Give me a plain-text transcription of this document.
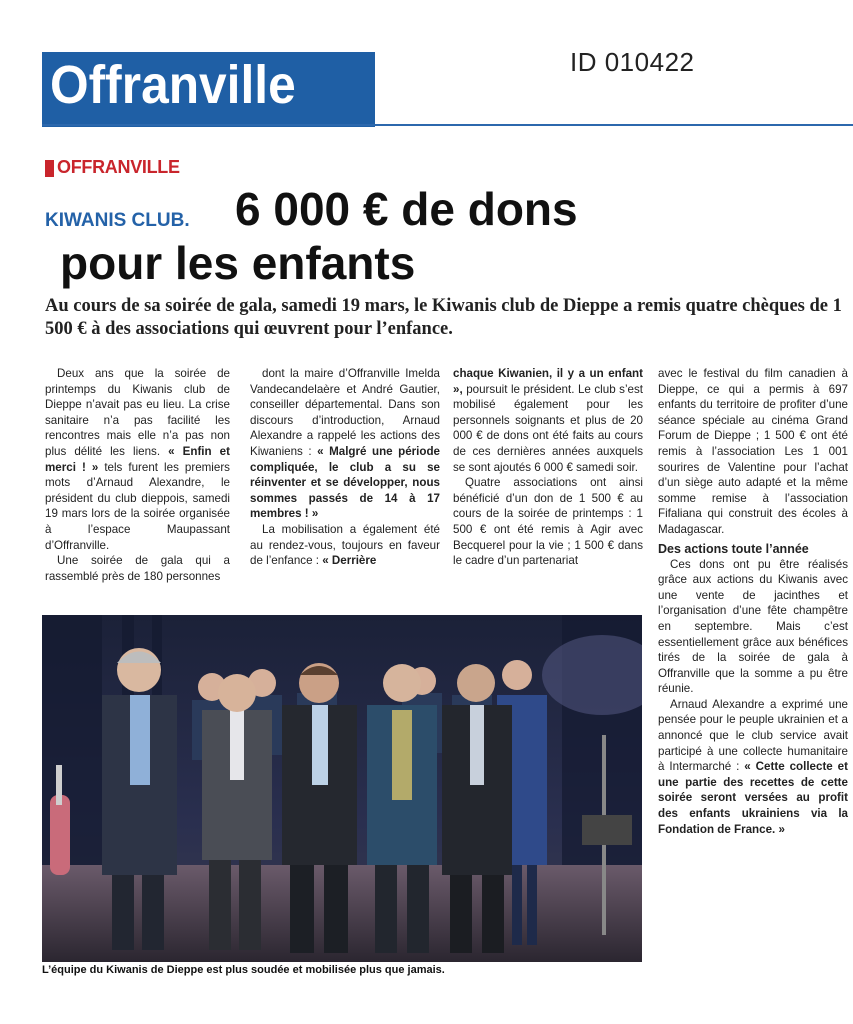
Offranville	ID 010422
OFFRANVILLE
KIWANIS CLUB. 6 000 € de dons
pour les enfants
Au cours de sa soirée de gala, samedi 19 mars, le Kiwanis club de Dieppe a remis quatre chèques de 1 500 € à des associations qui œuvrent pour l’enfance.

Deux ans que la soirée de printemps du Kiwanis club de Dieppe n’avait pas eu lieu. La crise sanitaire n’a pas facilité les rencontres mais elle n’a pas non plus délité les liens. « Enfin et merci ! » tels furent les premiers mots d’Arnaud Alexandre, le président du club dieppois, samedi 19 mars lors de la soirée organisée à l’espace Maupassant d’Offranville.

Une soirée de gala qui a rassemblé près de 180 personnes

dont la maire d’Offranville Imelda Vandecandelaère et André Gautier, conseiller départemental. Dans son discours d’introduction, Arnaud Alexandre a rappelé les actions des Kiwaniens : « Malgré une période compliquée, le club a su se réinventer et se développer, nous sommes passés de 14 à 17 membres ! »

La mobilisation a également été au rendez-vous, toujours en faveur de l’enfance : « Derrière

chaque Kiwanien, il y a un enfant », poursuit le président. Le club s’est mobilisé également pour les personnels soignants et plus de 20 000 € de dons ont été faits au cours de ces dernières années auxquels se sont ajoutés 6 000 € samedi soir.

Quatre associations ont ainsi bénéficié d’un don de 1 500 € au cours de la soirée de printemps : 1 500 € ont été remis à Agir avec Becquerel pour la vie ; 1 500 € dans le cadre d’un partenariat

avec le festival du film canadien à Dieppe, ce qui a permis à 697 enfants du territoire de profiter d’une séance spéciale au cinéma Grand Forum de Dieppe ; 1 500 € ont été remis à l’association Les 1 001 sourires de Valentine pour l’achat d’un siège auto adapté et la même somme remise à l’association Fifaliana qui construit des écoles à Madagascar.

Des actions toute l’année

Ces dons ont pu être réalisés grâce aux actions du Kiwanis avec une vente de jacinthes et l’organisation d’une fête champêtre en septembre. Mais c’est essentiellement grâce aux bénéfices tirés de la soirée de gala à Offranville que la somme a pu être réunie.

Arnaud Alexandre a exprimé une pensée pour le peuple ukrainien et a annoncé que le club service avait participé à une collecte humanitaire à Intermarché : « Cette collecte et une partie des recettes de cette soirée seront versées au profit des enfants ukrainiens via la Fondation de France. »

L’équipe du Kiwanis de Dieppe est plus soudée et mobilisée plus que jamais.
